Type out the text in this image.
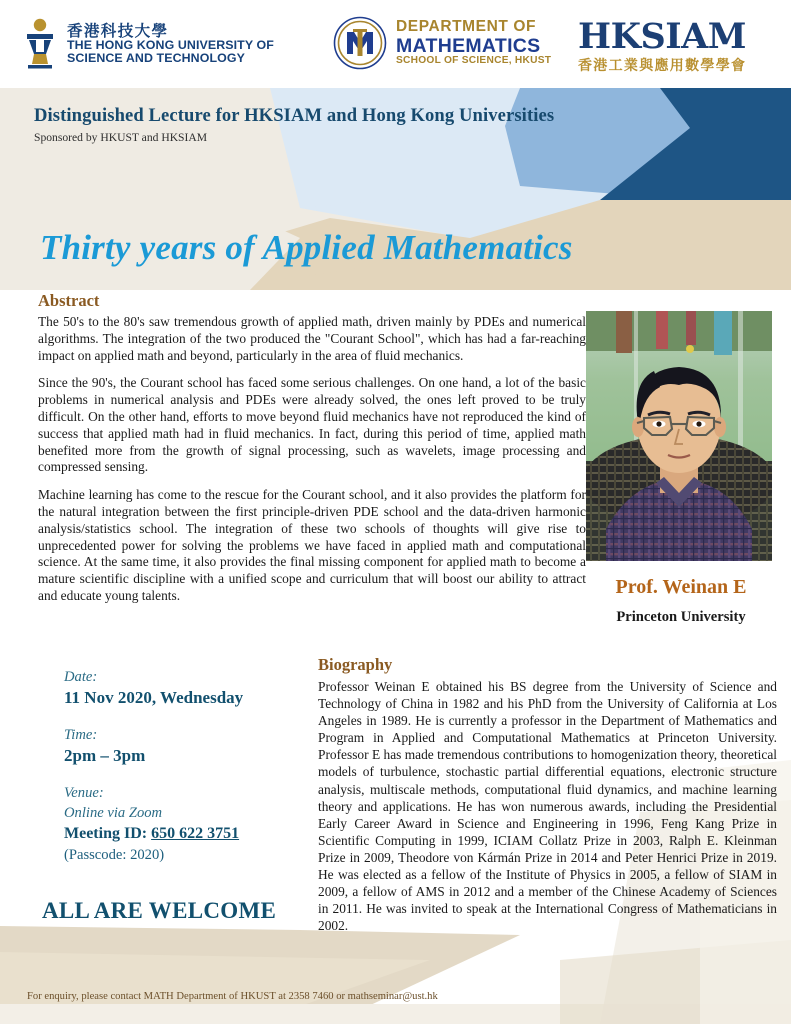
香港科技大學
THE HONG KONG UNIVERSITY OF
SCIENCE AND TECHNOLOGY
DEPARTMENT OF
MATHEMATICS
SCHOOL OF SCIENCE, HKUST
HKSIAM
香港工業與應用數學學會
Distinguished Lecture for HKSIAM and Hong Kong Universities
Sponsored by HKUST and HKSIAM
Thirty years of Applied Mathematics
Abstract

The 50's to the 80's saw tremendous growth of applied math, driven mainly by PDEs and numerical algorithms. The integration of the two produced the "Courant School", which has had a far-reaching impact on applied math and beyond, particularly in the area of fluid mechanics.

Since the 90's, the Courant school has faced some serious challenges. On one hand, a lot of the basic problems in numerical analysis and PDEs were already solved, the ones left proved to be truly difficult. On the other hand, efforts to move beyond fluid mechanics have not reproduced the kind of success that applied math had in fluid mechanics. In fact, during this period of time, applied math benefited more from the growth of signal processing, such as wavelets, image processing and compressed sensing.

Machine learning has come to the rescue for the Courant school, and it also provides the platform for the natural integration between the first principle-driven PDE school and the data-driven harmonic analysis/statistics school. The integration of these two schools of thoughts will give rise to unprecedented power for solving the problems we have faced in applied math and computational science. At the same time, it also provides the final missing component for applied math to become a mature scientific discipline with a unified scope and curriculum that will boost our ability to attract and educate young talents.	Prof. Weinan E
Princeton University
Date:
11 Nov 2020, Wednesday
Time:
2pm – 3pm
Venue:
Online via Zoom
Meeting ID: 650 622 3751
(Passcode: 2020)
ALL ARE WELCOME
Biography

Professor Weinan E obtained his BS degree from the University of Science and Technology of China in 1982 and his PhD from the University of California at Los Angeles in 1989. He is currently a professor in the Department of Mathematics and Program in Applied and Computational Mathematics at Princeton University. Professor E has made tremendous contributions to homogenization theory, theoretical models of turbulence, stochastic partial differential equations, electronic structure analysis, multiscale methods, computational fluid dynamics, and machine learning theory and applications. He has won numerous awards, including the Presidential Early Career Award in Science and Engineering in 1996, Feng Kang Prize in Scientific Computing in 1999, ICIAM Collatz Prize in 2003, Ralph E. Kleinman Prize in 2009, Theodore von Kármán Prize in 2014 and Peter Henrici Prize in 2019. He was elected as a fellow of the Institute of Physics in 2005, a fellow of SIAM in 2009, a fellow of AMS in 2012 and a member of the Chinese Academy of Sciences in 2011. He was invited to speak at the International Congress of Mathematicians in 2002.

For enquiry, please contact MATH Department of HKUST at 2358 7460 or mathseminar@ust.hk
